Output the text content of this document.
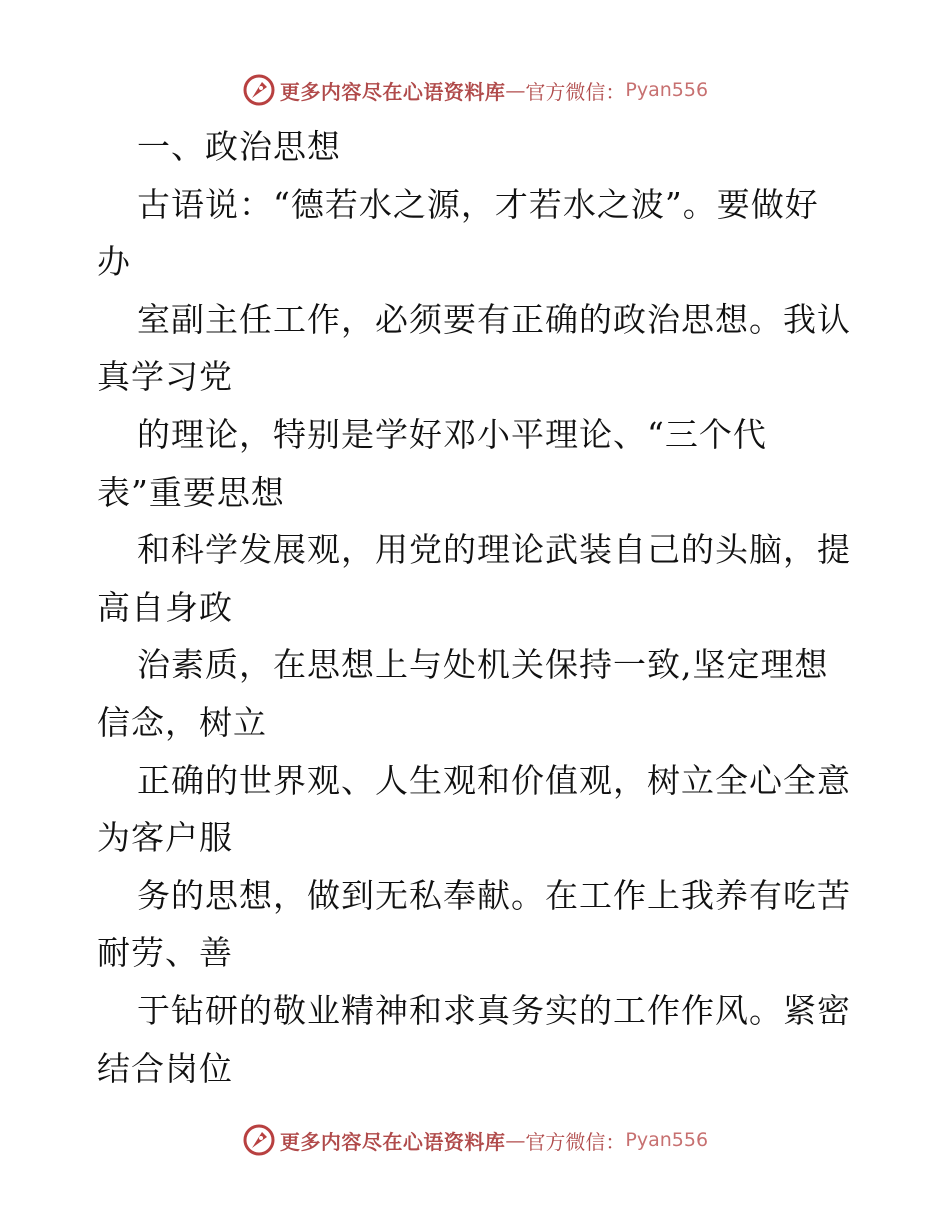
更多内容尽在心语资料库 — 官方微信： Pyan556
一、政治思想
古语说：“德若水之源，才若水之波”。要做好
办
室副主任工作，必须要有正确的政治思想。我认
真学习党
的理论，特别是学好邓小平理论、“三个代
表”重要思想
和科学发展观，用党的理论武装自己的头脑，提
高自身政
治素质，在思想上与处机关保持一致,坚定理想
信念，树立
正确的世界观、人生观和价值观，树立全心全意
为客户服
务的思想，做到无私奉献。在工作上我养有吃苦
耐劳、善
于钻研的敬业精神和求真务实的工作作风。紧密
结合岗位
更多内容尽在心语资料库 — 官方微信： Pyan556
